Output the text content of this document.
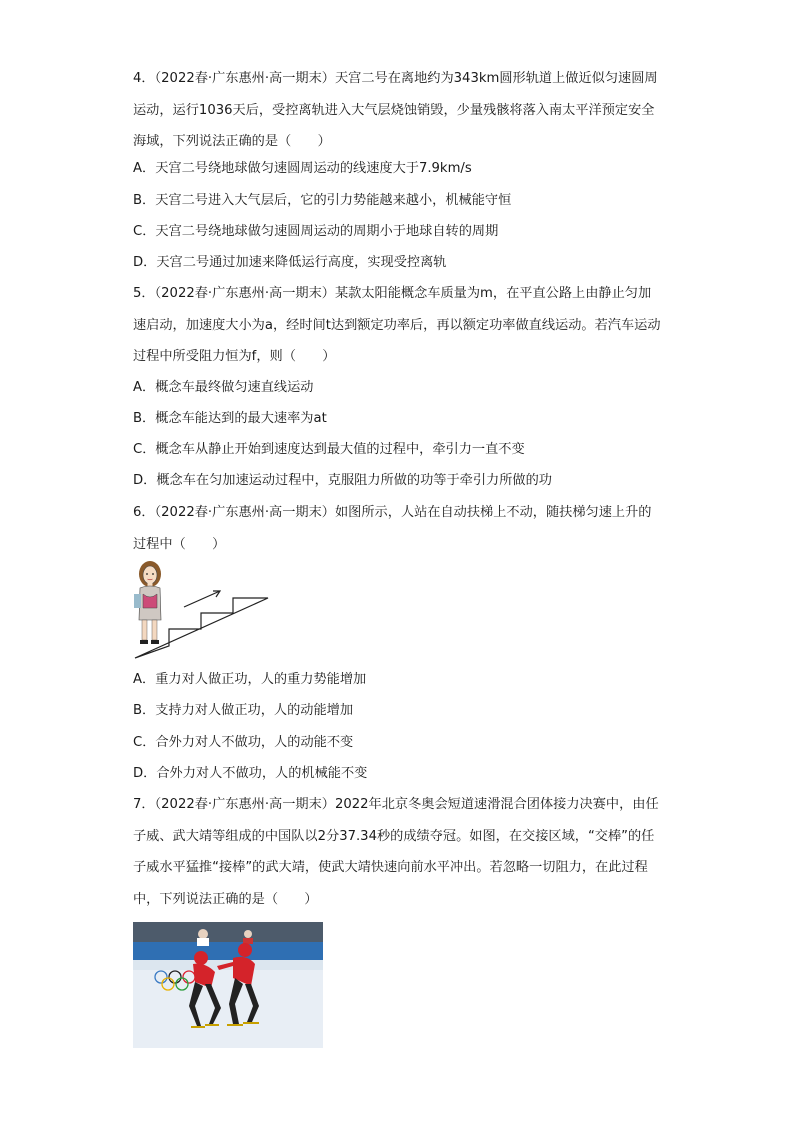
4．（2022春·广东惠州·高一期末）天宫二号在离地约为343km圆形轨道上做近似匀速圆周运动，运行1036天后，受控离轨进入大气层烧蚀销毁，少量残骸将落入南太平洋预定安全海域，下列说法正确的是（　　）

A．天宫二号绕地球做匀速圆周运动的线速度大于7.9km/s

B．天宫二号进入大气层后，它的引力势能越来越小，机械能守恒

C．天宫二号绕地球做匀速圆周运动的周期小于地球自转的周期

D．天宫二号通过加速来降低运行高度，实现受控离轨

5．（2022春·广东惠州·高一期末）某款太阳能概念车质量为m，在平直公路上由静止匀加速启动，加速度大小为a，经时间t达到额定功率后，再以额定功率做直线运动。若汽车运动过程中所受阻力恒为f，则（　　）

A．概念车最终做匀速直线运动

B．概念车能达到的最大速率为at

C．概念车从静止开始到速度达到最大值的过程中，牵引力一直不变

D．概念车在匀加速运动过程中，克服阻力所做的功等于牵引力所做的功

6．（2022春·广东惠州·高一期末）如图所示，人站在自动扶梯上不动，随扶梯匀速上升的过程中（　　）

A．重力对人做正功，人的重力势能增加

B．支持力对人做正功，人的动能增加

C．合外力对人不做功，人的动能不变

D．合外力对人不做功，人的机械能不变

7．（2022春·广东惠州·高一期末）2022年北京冬奥会短道速滑混合团体接力决赛中，由任子威、武大靖等组成的中国队以2分37.34秒的成绩夺冠。如图，在交接区域，“交棒”的任子威水平猛推“接棒”的武大靖，使武大靖快速向前水平冲出。若忽略一切阻力，在此过程中，下列说法正确的是（　　）
